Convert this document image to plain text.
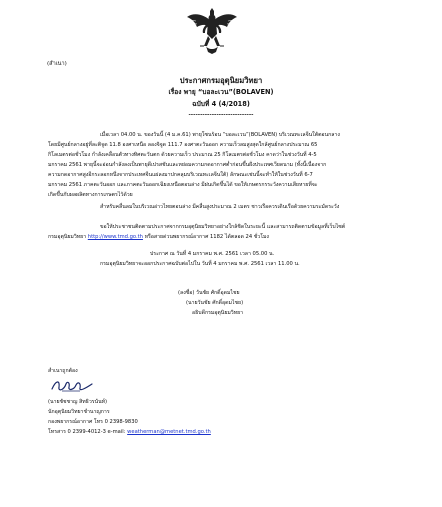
(สำเนา)
ประกาศกรมอุตุนิยมวิทยา
เรื่อง พายุ “บอละเวน”(BOLAVEN)
ฉบับที่ 4 (4/2018)
----------------------------
เมื่อเวลา 04.00 น. ของวันนี้ (4 ม.ค.61) พายุโซนร้อน “บอละเวน”(BOLAVEN) บริเวณทะเลจีนใต้ตอนกลาง
โดยมีศูนย์กลางอยู่ที่ละติจูด 11.8 องศาเหนือ ลองจิจูด 111.7 องศาตะวันออก ความเร็วลมสูงสุดใกล้ศูนย์กลางประมาณ 65
กิโลเมตรต่อชั่วโมง กำลังเคลื่อนตัวทางทิศตะวันตก ด้วยความเร็ว ประมาณ 25 กิโลเมตรต่อชั่วโมง คาดว่าในช่วงวันที่ 4-5
มกราคม 2561 พายุนี้จะอ่อนกำลังลงเป็นพายุดีเปรสชันและหย่อมความกดอากาศต่ำก่อนขึ้นฝั่งประเทศเวียดนาม (ทั้งนี้เนื่องจาก
ความกดอากาศสูงอีกระลอกหนึ่งจากประเทศจีนแผ่ลงมาปกคลุมบริเวณทะเลจีนใต้) ลักษณะเช่นนี้จะทำให้ในช่วงวันที่ 6-7
มกราคม 2561 ภาคตะวันออก และภาคตะวันออกเฉียงเหนือตอนล่าง มีฝนเกิดขึ้นได้ ขอให้เกษตรกรระวังความเสียหายที่จะ
เกิดขึ้นกับผลผลิตทางการเกษตรไว้ด้วย
สำหรับคลื่นลมในบริเวณอ่าวไทยตอนล่าง มีคลื่นสูงประมาณ 2 เมตร ชาวเรือควรเดินเรือด้วยความระมัดระวัง
ขอให้ประชาชนติดตามประกาศจากกรมอุตุนิยมวิทยาอย่างใกล้ชิดในระยะนี้ และสามารถติดตามข้อมูลที่เว็บไซต์
กรมอุตุนิยมวิทยา http://www.tmd.go.th หรือสายด่วนพยากรณ์อากาศ 1182 ได้ตลอด 24 ชั่วโมง
ประกาศ ณ วันที่ 4 มกราคม พ.ศ. 2561 เวลา 05.00 น.
กรมอุตุนิยมวิทยาจะออกประกาศฉบับต่อไปใน วันที่ 4 มกราคม พ.ศ. 2561 เวลา 11.00 น.
(ลงชื่อ) วันชัย ศักดิ์อุดมไชย
(นายวันชัย ศักดิ์อุดมไชย)
อธิบดีกรมอุตุนิยมวิทยา
สำเนาถูกต้อง
(นายชัชชาญ สิทธิวรนันท์)
นักอุตุนิยมวิทยาชำนาญการ
กองพยากรณ์อากาศ โทร 0 2398-9830
โทรสาร 0 2399-4012-3 e-mail: weatherman@metnet.tmd.go.th
